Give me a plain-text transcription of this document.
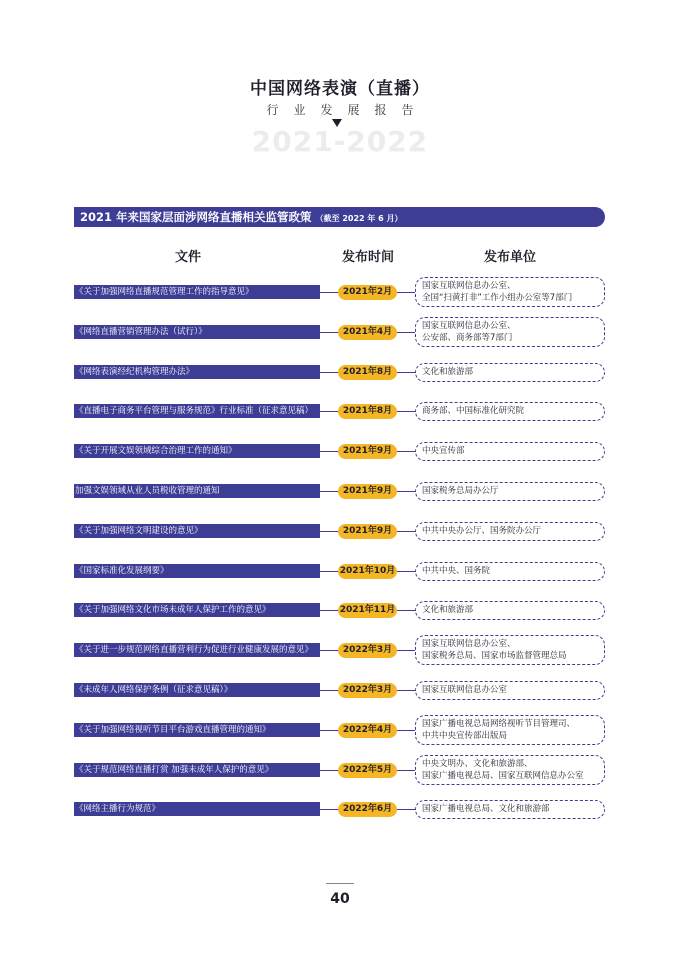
中国网络表演（直播）
行业发展报告
2021-2022
2021 年来国家层面涉网络直播相关监管政策 （截至 2022 年 6 月）
文件	发布时间	发布单位
《关于加强网络直播规范管理工作的指导意见》	2021年2月
国家互联网信息办公室、
全国“扫黄打非”工作小组办公室等7部门
《网络直播营销管理办法（试行）》	2021年4月
国家互联网信息办公室、
公安部、商务部等7部门
《网络表演经纪机构管理办法》	2021年8月	文化和旅游部
《直播电子商务平台管理与服务规范》行业标准（征求意见稿）	2021年8月	商务部、中国标准化研究院
《关于开展文娱领域综合治理工作的通知》	2021年9月	中央宣传部
加强文娱领域从业人员税收管理的通知	2021年9月	国家税务总局办公厅
《关于加强网络文明建设的意见》	2021年9月	中共中央办公厅、国务院办公厅
《国家标准化发展纲要》	2021年10月	中共中央、国务院
《关于加强网络文化市场未成年人保护工作的意见》	2021年11月	文化和旅游部
《关于进一步规范网络直播营利行为促进行业健康发展的意见》	2022年3月
国家互联网信息办公室、
国家税务总局、国家市场监督管理总局
《未成年人网络保护条例（征求意见稿）》	2022年3月	国家互联网信息办公室
《关于加强网络视听节目平台游戏直播管理的通知》	2022年4月
国家广播电视总局网络视听节目管理司、
中共中央宣传部出版局
《关于规范网络直播打赏 加强未成年人保护的意见》	2022年5月
中央文明办、文化和旅游部、
国家广播电视总局、国家互联网信息办公室
《网络主播行为规范》	2022年6月	国家广播电视总局、文化和旅游部
40
